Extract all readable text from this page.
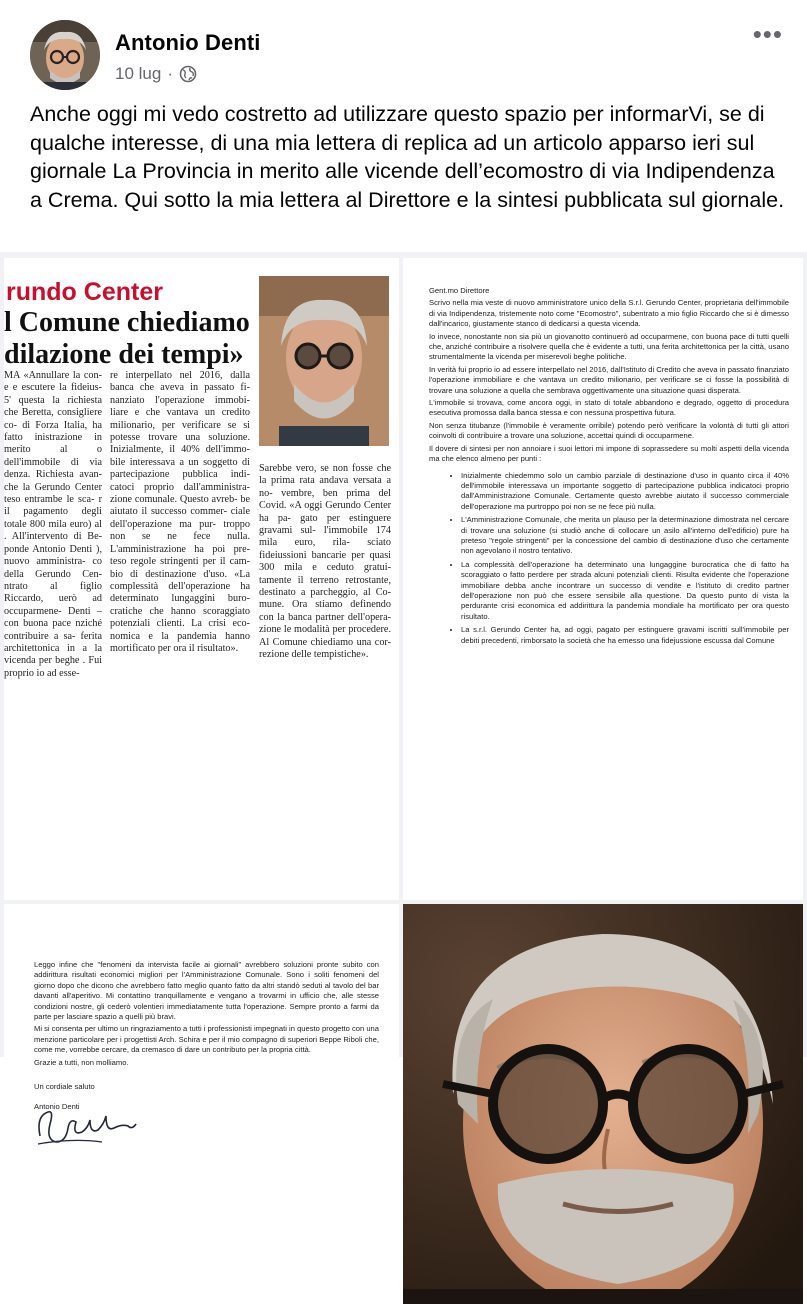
Antonio Denti
10 lug ·
•••
Anche oggi mi vedo costretto ad utilizzare questo spazio per informarVi, se di qualche interesse, di una mia lettera di replica ad un articolo apparso ieri sul giornale La Provincia in merito alle vicende dell’ecomostro di via Indipendenza a Crema. Qui sotto la mia lettera al Direttore e la sintesi pubblicata sul giornale.
rundo Center
l Comune chiediamo
dilazione dei tempi»
MA «Annullare la con- e e escutere la fideius- 5' questa la richiesta che Beretta, consigliere co- di Forza Italia, ha fatto inistrazione in merito al o dell'immobile di via denza. Richiesta avan- che la Gerundo Center teso entrambe le sca- r il pagamento degli totale 800 mila euro) al . All'intervento di Be- ponde Antonio Denti ), nuovo amministra- co della Gerundo Cen- ntrato al figlio Riccardo, uerò ad occuparmene- Denti – con buona pace nziché contribuire a sa- ferita architettonica in a la vicenda per beghe . Fui proprio io ad esse-
re interpellato nel 2016, dalla banca che aveva in passato fi- nanziato l'operazione immobi- liare e che vantava un credito milionario, per verificare se si potesse trovare una soluzione. Inizialmente, il 40% dell'immo- bile interessava a un soggetto di partecipazione pubblica indi- catoci proprio dall'amministra- zione comunale. Questo avreb- be aiutato il successo commer- ciale dell'operazione ma pur- troppo non se ne fece nulla. L'amministrazione ha poi pre- teso regole stringenti per il cam- bio di destinazione d'uso. «La complessità dell'operazione ha determinato lungaggini buro- cratiche che hanno scoraggiato potenziali clienti. La crisi eco- nomica e la pandemia hanno mortificato per ora il risultato».
Sarebbe vero, se non fosse che la prima rata andava versata a no- vembre, ben prima del Covid. «A oggi Gerundo Center ha pa- gato per estinguere gravami sul- l'immobile 174 mila euro, rila- sciato fideiussioni bancarie per quasi 300 mila e ceduto gratui- tamente il terreno retrostante, destinato a parcheggio, al Co- mune. Ora stiamo definendo con la banca partner dell'opera- zione le modalità per procedere. Al Comune chiediamo una cor- rezione delle tempistiche».

Gent.mo Direttore

Scrivo nella mia veste di nuovo amministratore unico della S.r.l. Gerundo Center, proprietaria dell'immobile di via Indipendenza, tristemente noto come "Ecomostro", subentrato a mio figlio Riccardo che si è dimesso dall'incarico, giustamente stanco di dedicarsi a questa vicenda.

Io invece, nonostante non sia più un giovanotto continuerò ad occuparmene, con buona pace di tutti quelli che, anziché contribuire a risolvere quella che è evidente a tutti, una ferita architettonica per la città, usano strumentalmente la vicenda per miserevoli beghe politiche.

In verità fui proprio io ad essere interpellato nel 2016, dall'Istituto di Credito che aveva in passato finanziato l'operazione immobiliare e che vantava un credito milionario, per verificare se ci fosse la possibilità di trovare una soluzione a quella che sembrava oggettivamente una situazione quasi disperata.

L'immobile si trovava, come ancora oggi, in stato di totale abbandono e degrado, oggetto di procedura esecutiva promossa dalla banca stessa e con nessuna prospettiva futura.

Non senza titubanze (l'immobile è veramente orribile) potendo però verificare la volontà di tutti gli attori coinvolti di contribuire a trovare una soluzione, accettai quindi di occuparmene.

Il dovere di sintesi per non annoiare i suoi lettori mi impone di soprassedere su molti aspetti della vicenda ma che elenco almeno per punti :

• Inizialmente chiedemmo solo un cambio parziale di destinazione d'uso in quanto circa il 40% dell'immobile interessava un importante soggetto di partecipazione pubblica indicatoci proprio dall'Amministrazione Comunale. Certamente questo avrebbe aiutato il successo commerciale dell'operazione ma purtroppo poi non se ne fece più nulla.
• L'Amministrazione Comunale, che merita un plauso per la determinazione dimostrata nel cercare di trovare una soluzione (si studiò anche di collocare un asilo all'interno dell'edificio) pure ha preteso "regole stringenti" per la concessione del cambio di destinazione d'uso che certamente non agevolano il nostro tentativo.
• La complessità dell'operazione ha determinato una lungaggine burocratica che di fatto ha scoraggiato o fatto perdere per strada alcuni potenziali clienti. Risulta evidente che l'operazione immobiliare debba anche incontrare un successo di vendite e l'istituto di credito partner dell'operazione non può che essere sensibile alla questione. Da questo punto di vista la perdurante crisi economica ed addirittura la pandemia mondiale ha mortificato per ora questo risultato.
• La s.r.l. Gerundo Center ha, ad oggi, pagato per estinguere gravami iscritti sull'immobile per debiti precedenti, rimborsato la società che ha emesso una fidejussione escussa dal Comune

Leggo infine che "fenomeni da intervista facile ai giornali" avrebbero soluzioni pronte subito con addirittura risultati economici migliori per l'Amministrazione Comunale. Sono i soliti fenomeni del giorno dopo che dicono che avrebbero fatto meglio quanto fatto da altri standò seduti al tavolo del bar davanti all'aperitivo. Mi contattino tranquillamente e vengano a trovarmi in ufficio che, alle stesse condizioni nostre, gli cederò volentieri immediatamente tutta l'operazione. Sempre pronto a farmi da parte per lasciare spazio a quelli più bravi.

Mi si consenta per ultimo un ringraziamento a tutti i professionisti impegnati in questo progetto con una menzione particolare per i progettisti Arch. Schira e per il mio compagno di superiori Beppe Riboli che, come me, vorrebbe cercare, da cremasco di dare un contributo per la propria città.

Grazie a tutti, non molliamo.

Un cordiale saluto

Antonio Denti
